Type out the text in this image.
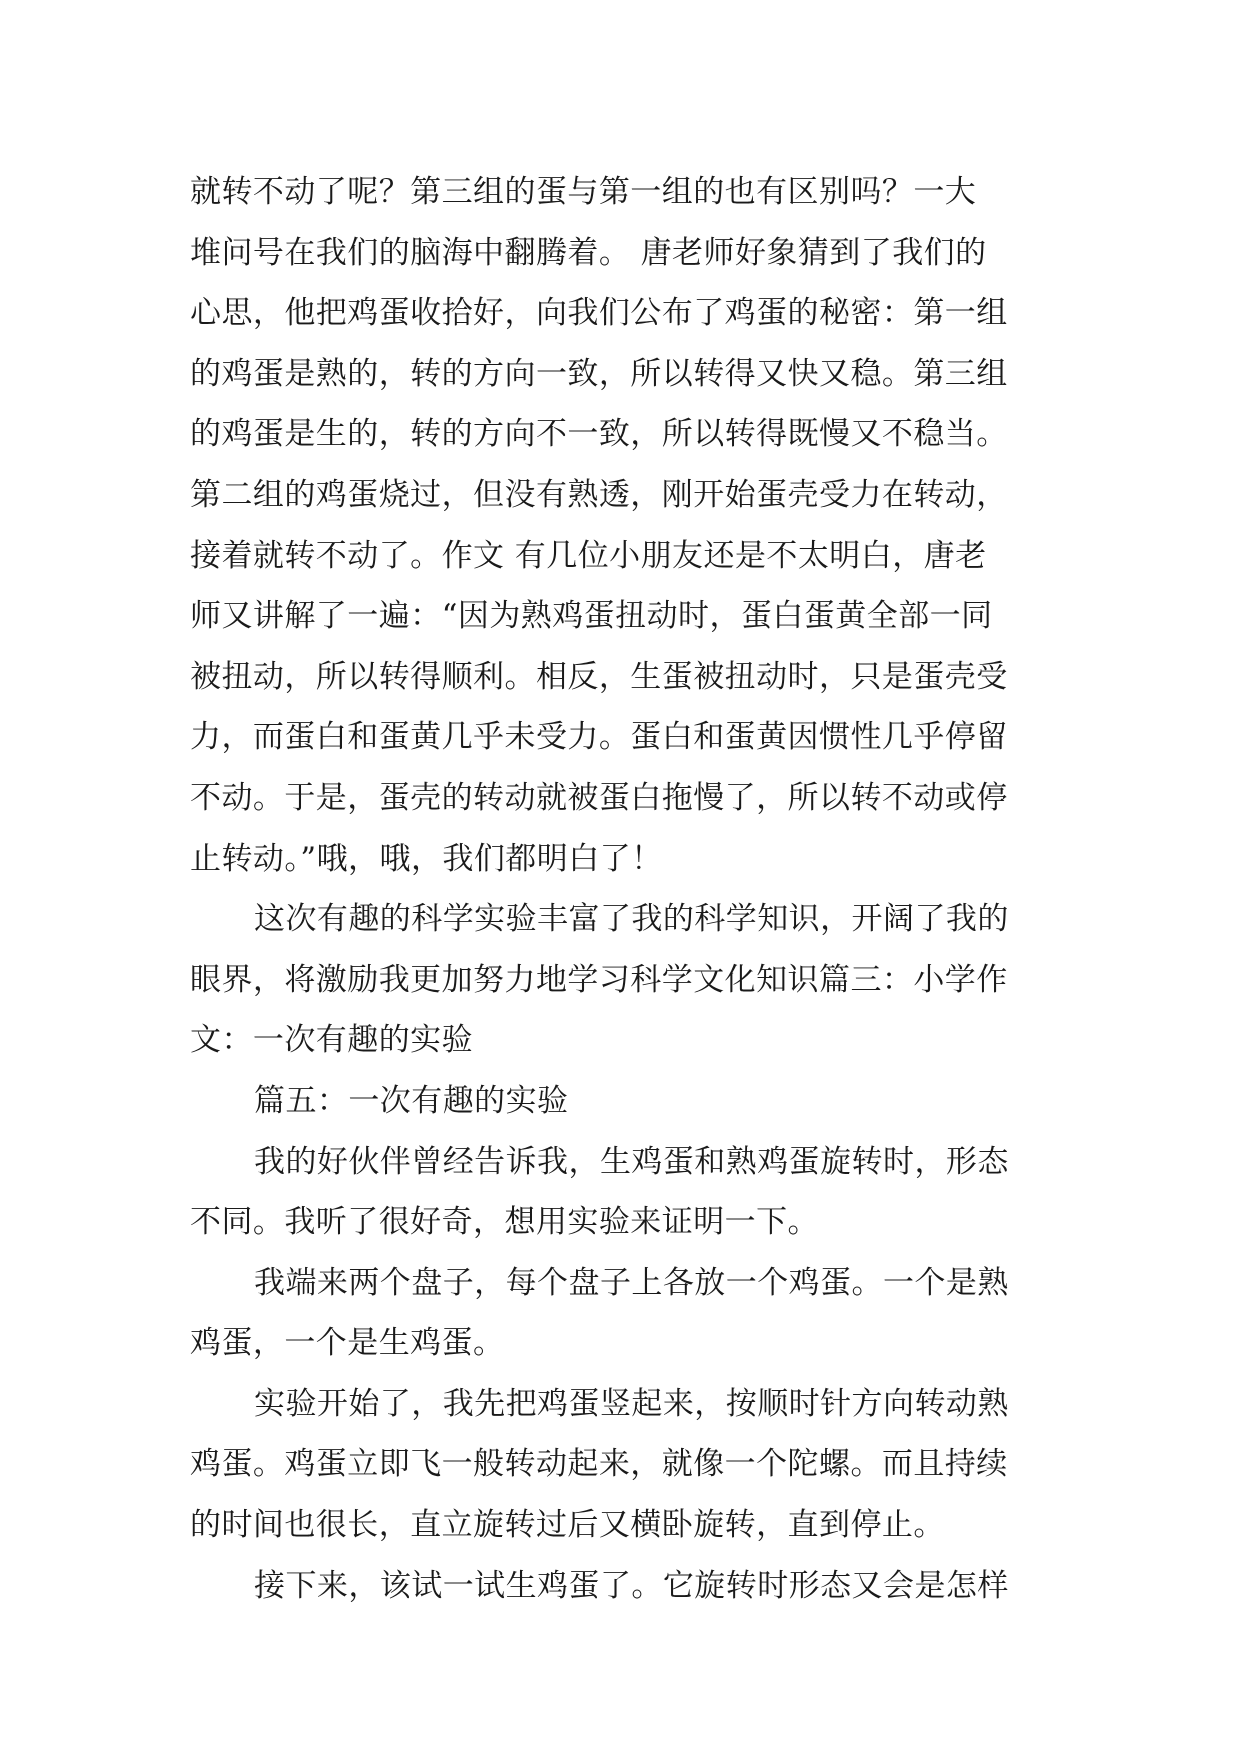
就转不动了呢？第三组的蛋与第一组的也有区别吗？一大
堆问号在我们的脑海中翻腾着。 唐老师好象猜到了我们的
心思，他把鸡蛋收拾好，向我们公布了鸡蛋的秘密：第一组
的鸡蛋是熟的，转的方向一致，所以转得又快又稳。第三组
的鸡蛋是生的，转的方向不一致，所以转得既慢又不稳当。
第二组的鸡蛋烧过，但没有熟透，刚开始蛋壳受力在转动，
接着就转不动了。作文 有几位小朋友还是不太明白，唐老
师又讲解了一遍：“因为熟鸡蛋扭动时，蛋白蛋黄全部一同
被扭动，所以转得顺利。相反，生蛋被扭动时，只是蛋壳受
力，而蛋白和蛋黄几乎未受力。蛋白和蛋黄因惯性几乎停留
不动。于是，蛋壳的转动就被蛋白拖慢了，所以转不动或停
止转动。”哦，哦，我们都明白了！
这次有趣的科学实验丰富了我的科学知识，开阔了我的
眼界，将激励我更加努力地学习科学文化知识篇三：小学作
文：一次有趣的实验
篇五：一次有趣的实验
我的好伙伴曾经告诉我，生鸡蛋和熟鸡蛋旋转时，形态
不同。我听了很好奇，想用实验来证明一下。
我端来两个盘子，每个盘子上各放一个鸡蛋。一个是熟
鸡蛋，一个是生鸡蛋。
实验开始了，我先把鸡蛋竖起来，按顺时针方向转动熟
鸡蛋。鸡蛋立即飞一般转动起来，就像一个陀螺。而且持续
的时间也很长，直立旋转过后又横卧旋转，直到停止。
接下来，该试一试生鸡蛋了。它旋转时形态又会是怎样
